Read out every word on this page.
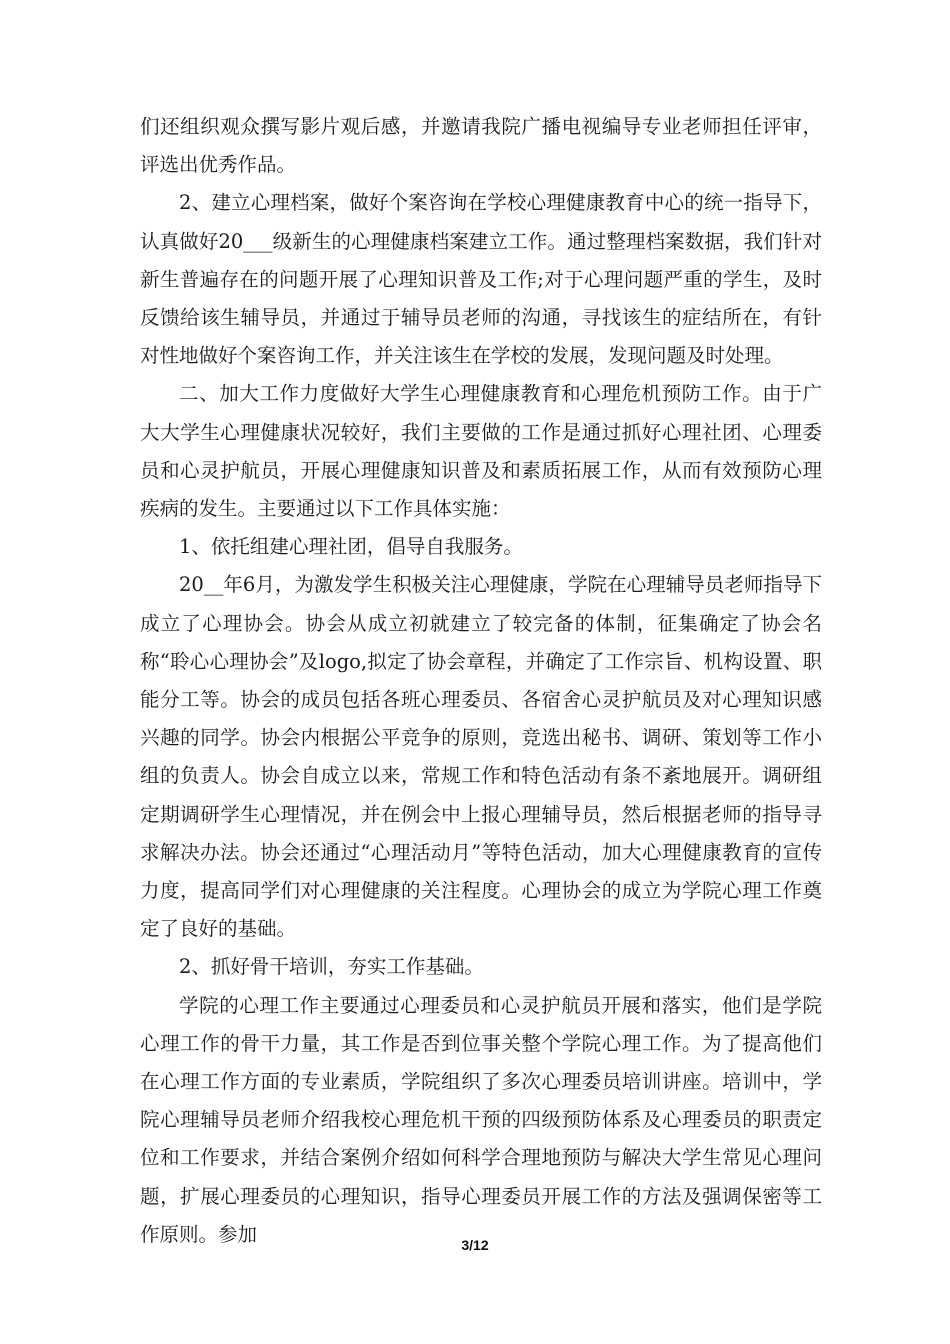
们还组织观众撰写影片观后感，并邀请我院广播电视编导专业老师担任评审，评选出优秀作品。

2、建立心理档案，做好个案咨询在学校心理健康教育中心的统一指导下，认真做好20___级新生的心理健康档案建立工作。通过整理档案数据，我们针对新生普遍存在的问题开展了心理知识普及工作;对于心理问题严重的学生，及时反馈给该生辅导员，并通过于辅导员老师的沟通，寻找该生的症结所在，有针对性地做好个案咨询工作，并关注该生在学校的发展，发现问题及时处理。

二、加大工作力度做好大学生心理健康教育和心理危机预防工作。由于广大大学生心理健康状况较好，我们主要做的工作是通过抓好心理社团、心理委员和心灵护航员，开展心理健康知识普及和素质拓展工作，从而有效预防心理疾病的发生。主要通过以下工作具体实施：

1、依托组建心理社团，倡导自我服务。

20__年6月，为激发学生积极关注心理健康，学院在心理辅导员老师指导下成立了心理协会。协会从成立初就建立了较完备的体制，征集确定了协会名称“聆心心理协会”及logo,拟定了协会章程，并确定了工作宗旨、机构设置、职能分工等。协会的成员包括各班心理委员、各宿舍心灵护航员及对心理知识感兴趣的同学。协会内根据公平竞争的原则，竞选出秘书、调研、策划等工作小组的负责人。协会自成立以来，常规工作和特色活动有条不紊地展开。调研组定期调研学生心理情况，并在例会中上报心理辅导员，然后根据老师的指导寻求解决办法。协会还通过“心理活动月”等特色活动，加大心理健康教育的宣传力度，提高同学们对心理健康的关注程度。心理协会的成立为学院心理工作奠定了良好的基础。

2、抓好骨干培训，夯实工作基础。

学院的心理工作主要通过心理委员和心灵护航员开展和落实，他们是学院心理工作的骨干力量，其工作是否到位事关整个学院心理工作。为了提高他们在心理工作方面的专业素质，学院组织了多次心理委员培训讲座。培训中，学院心理辅导员老师介绍我校心理危机干预的四级预防体系及心理委员的职责定位和工作要求，并结合案例介绍如何科学合理地预防与解决大学生常见心理问题，扩展心理委员的心理知识，指导心理委员开展工作的方法及强调保密等工作原则。参加	3/12
